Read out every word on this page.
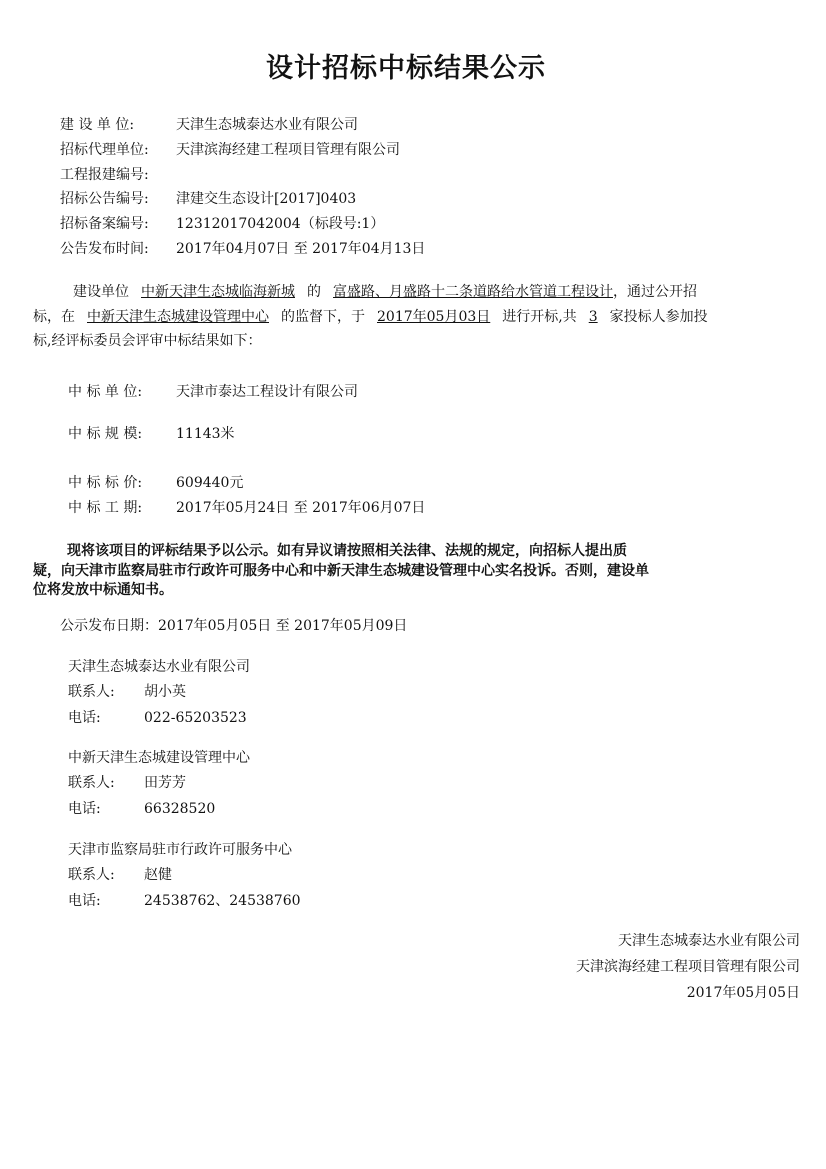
设计招标中标结果公示
建 设 单 位:	天津生态城泰达水业有限公司
招标代理单位: 天津滨海经建工程项目管理有限公司
工程报建编号:
招标公告编号: 津建交生态设计[2017]0403
招标备案编号: 12312017042004（标段号:1）
公告发布时间: 2017年04月07日 至 2017年04月13日
建设单位 中新天津生态城临海新城 的 富盛路、月盛路十二条道路给水管道工程设计，通过公开招
标，在 中新天津生态城建设管理中心 的监督下，于 2017年05月03日 进行开标,共 3 家投标人参加投
标,经评标委员会评审中标结果如下：
中 标 单 位: 天津市泰达工程设计有限公司
中 标 规 模: 11143米
中 标 标 价: 609440元
中 标 工 期: 2017年05月24日 至 2017年06月07日
现将该项目的评标结果予以公示。如有异议请按照相关法律、法规的规定，向招标人提出质
疑，向天津市监察局驻市行政许可服务中心和中新天津生态城建设管理中心实名投诉。否则，建设单
位将发放中标通知书。
公示发布日期：2017年05月05日 至 2017年05月09日
天津生态城泰达水业有限公司
联系人: 胡小英
电话:	022-65203523
中新天津生态城建设管理中心
联系人: 田芳芳
电话:	66328520
天津市监察局驻市行政许可服务中心
联系人: 赵健
电话:	24538762、24538760
天津生态城泰达水业有限公司
天津滨海经建工程项目管理有限公司
2017年05月05日
